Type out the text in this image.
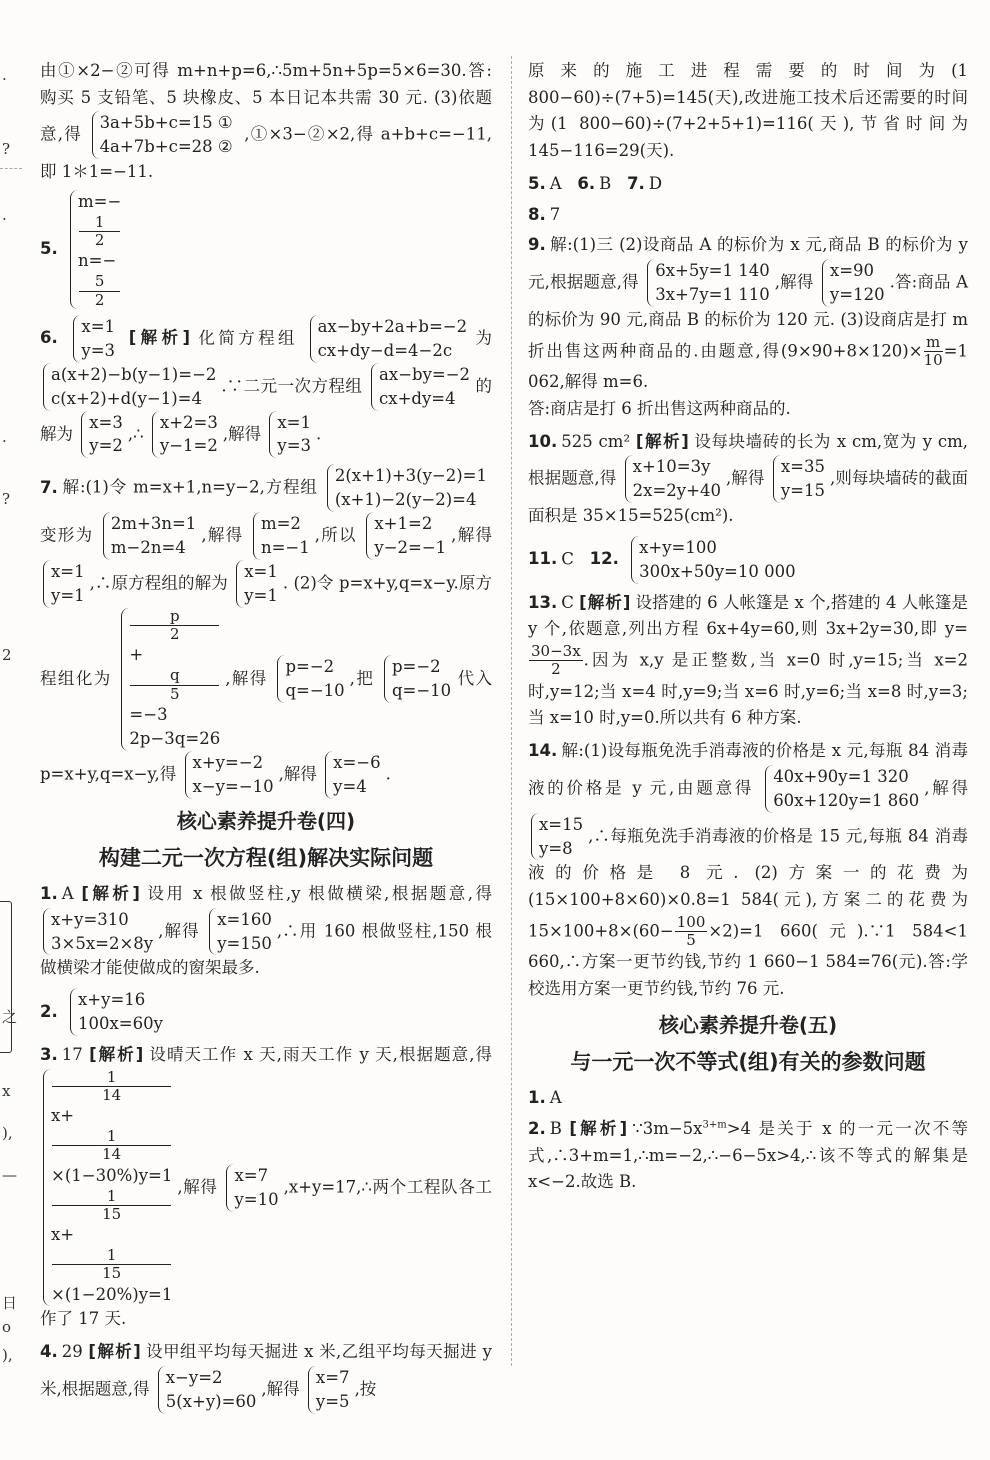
.
?
.
·
?
2
之
x
),
—
日
o
),

由①×2−②可得 m+n+p=6,∴5m+5n+5p=5×6=30.答:购买 5 支铅笔、5 块橡皮、5 本日记本共需 30 元. (3)依题意,得
3a+5b+c=15 ①
4a+7b+c=28 ②
,①×3−②×2,得 a+b+c=−11,即 1＊1=−11.

5.
m=−
1
2
n=−
5
2

6.
x=1
y=3
[解析] 化简方程组
ax−by+2a+b=−2
cx+dy−d=4−2c
为
a(x+2)−b(y−1)=−2
c(x+2)+d(y−1)=4
.∵二元一次方程组
ax−by=−2
cx+dy=4
的解为
x=3
y=2
,∴
x+2=3
y−1=2
,解得
x=1
y=3
.

7. 解:(1)令 m=x+1,n=y−2,方程组
2(x+1)+3(y−2)=1
(x+1)−2(y−2)=4
变形为
2m+3n=1
m−2n=4
,解得
m=2
n=−1
,所以
x+1=2
y−2=−1
,解得
x=1
y=1
,∴原方程组的解为
x=1
y=1
. (2)令 p=x+y,q=x−y.原方程组化为
p
2
+
q
5
=−3
2p−3q=26
,解得
p=−2
q=−10
,把
p=−2
q=−10
代入 p=x+y,q=x−y,得
x+y=−2
x−y=−10
,解得
x=−6
y=4
.

核心素养提升卷(四)
构建二元一次方程(组)解决实际问题

1. A [解析] 设用 x 根做竖柱,y 根做横梁,根据题意,得
x+y=310
3×5x=2×8y
,解得
x=160
y=150
,∴用 160 根做竖柱,150 根做横梁才能使做成的窗架最多.

2.
x+y=16
100x=60y

3. 17 [解析] 设晴天工作 x 天,雨天工作 y 天,根据题意,得
1
14
x+
1
14
×(1−30%)y=1
1
15
x+
1
15
×(1−20%)y=1
,解得
x=7
y=10
,x+y=17,∴两个工程队各工作了 17 天.

4. 29 [解析] 设甲组平均每天掘进 x 米,乙组平均每天掘进 y 米,根据题意,得
x−y=2
5(x+y)=60
,解得
x=7
y=5
,按

原来的施工进程需要的时间为(1 800−60)÷(7+5)=145(天),改进施工技术后还需要的时间为(1 800−60)÷(7+2+5+1)=116(天),节省时间为 145−116=29(天).

5. A 6. B 7. D

8. 7

9. 解:(1)三 (2)设商品 A 的标价为 x 元,商品 B 的标价为 y 元,根据题意,得
6x+5y=1 140
3x+7y=1 110
,解得
x=90
y=120
.答:商品 A 的标价为 90 元,商品 B 的标价为 120 元. (3)设商店是打 m 折出售这两种商品的.由题意,得$(9\times 90+8\times 120)\times \frac{m}{10} =1$ 062,解得 m=6.
答:商店是打 6 折出售这两种商品的.

10. 525 cm² [解析] 设每块墙砖的长为 x cm,宽为 y cm,根据题意,得
x+10=3y
2x=2y+40
,解得
x=35
y=15
,则每块墙砖的截面面积是 35×15=525(cm²).

11. C 12.
x+y=100
300x+50y=10 000

13. C [解析] 设搭建的 6 人帐篷是 x 个,搭建的 4 人帐篷是 y 个,依题意,列出方程 6x+4y=60,则 3x+2y=30,即 y=
$\frac{30-3x}{2}$ .因为 x,y 是正整数,当 x=0 时,y=15;当 x=2 时,y=12;当 x=4 时,y=9;当 x=6 时,y=6;当 x=8 时,y=3;当 x=10 时,y=0.所以共有 6 种方案.

14. 解:(1)设每瓶免洗手消毒液的价格是 x 元,每瓶 84 消毒液的价格是 y 元,由题意得
40x+90y=1 320
60x+120y=1 860
,解得
x=15
y=8
,∴每瓶免洗手消毒液的价格是 15 元,每瓶 84 消毒液的价格是 8 元. (2)方案一的花费为(15×100+8×60)×0.8=1 584(元),方案二的花费为 $15\times 100+8\times(60- \frac{100}{5} \times 2)=1$ 660(元).∵1 584<1 660,∴方案一更节约钱,节约 1 660−1 584=76(元).答:学校选用方案一更节约钱,节约 76 元.

核心素养提升卷(五)
与一元一次不等式(组)有关的参数问题

1. A

2. B [解析] $\because 3m-5x^{3+m}>4$ 是关于 x 的一元一次不等式,∴3+m=1,∴m=−2,∴−6−5x>4,∴该不等式的解集是 x<−2.故选 B.
